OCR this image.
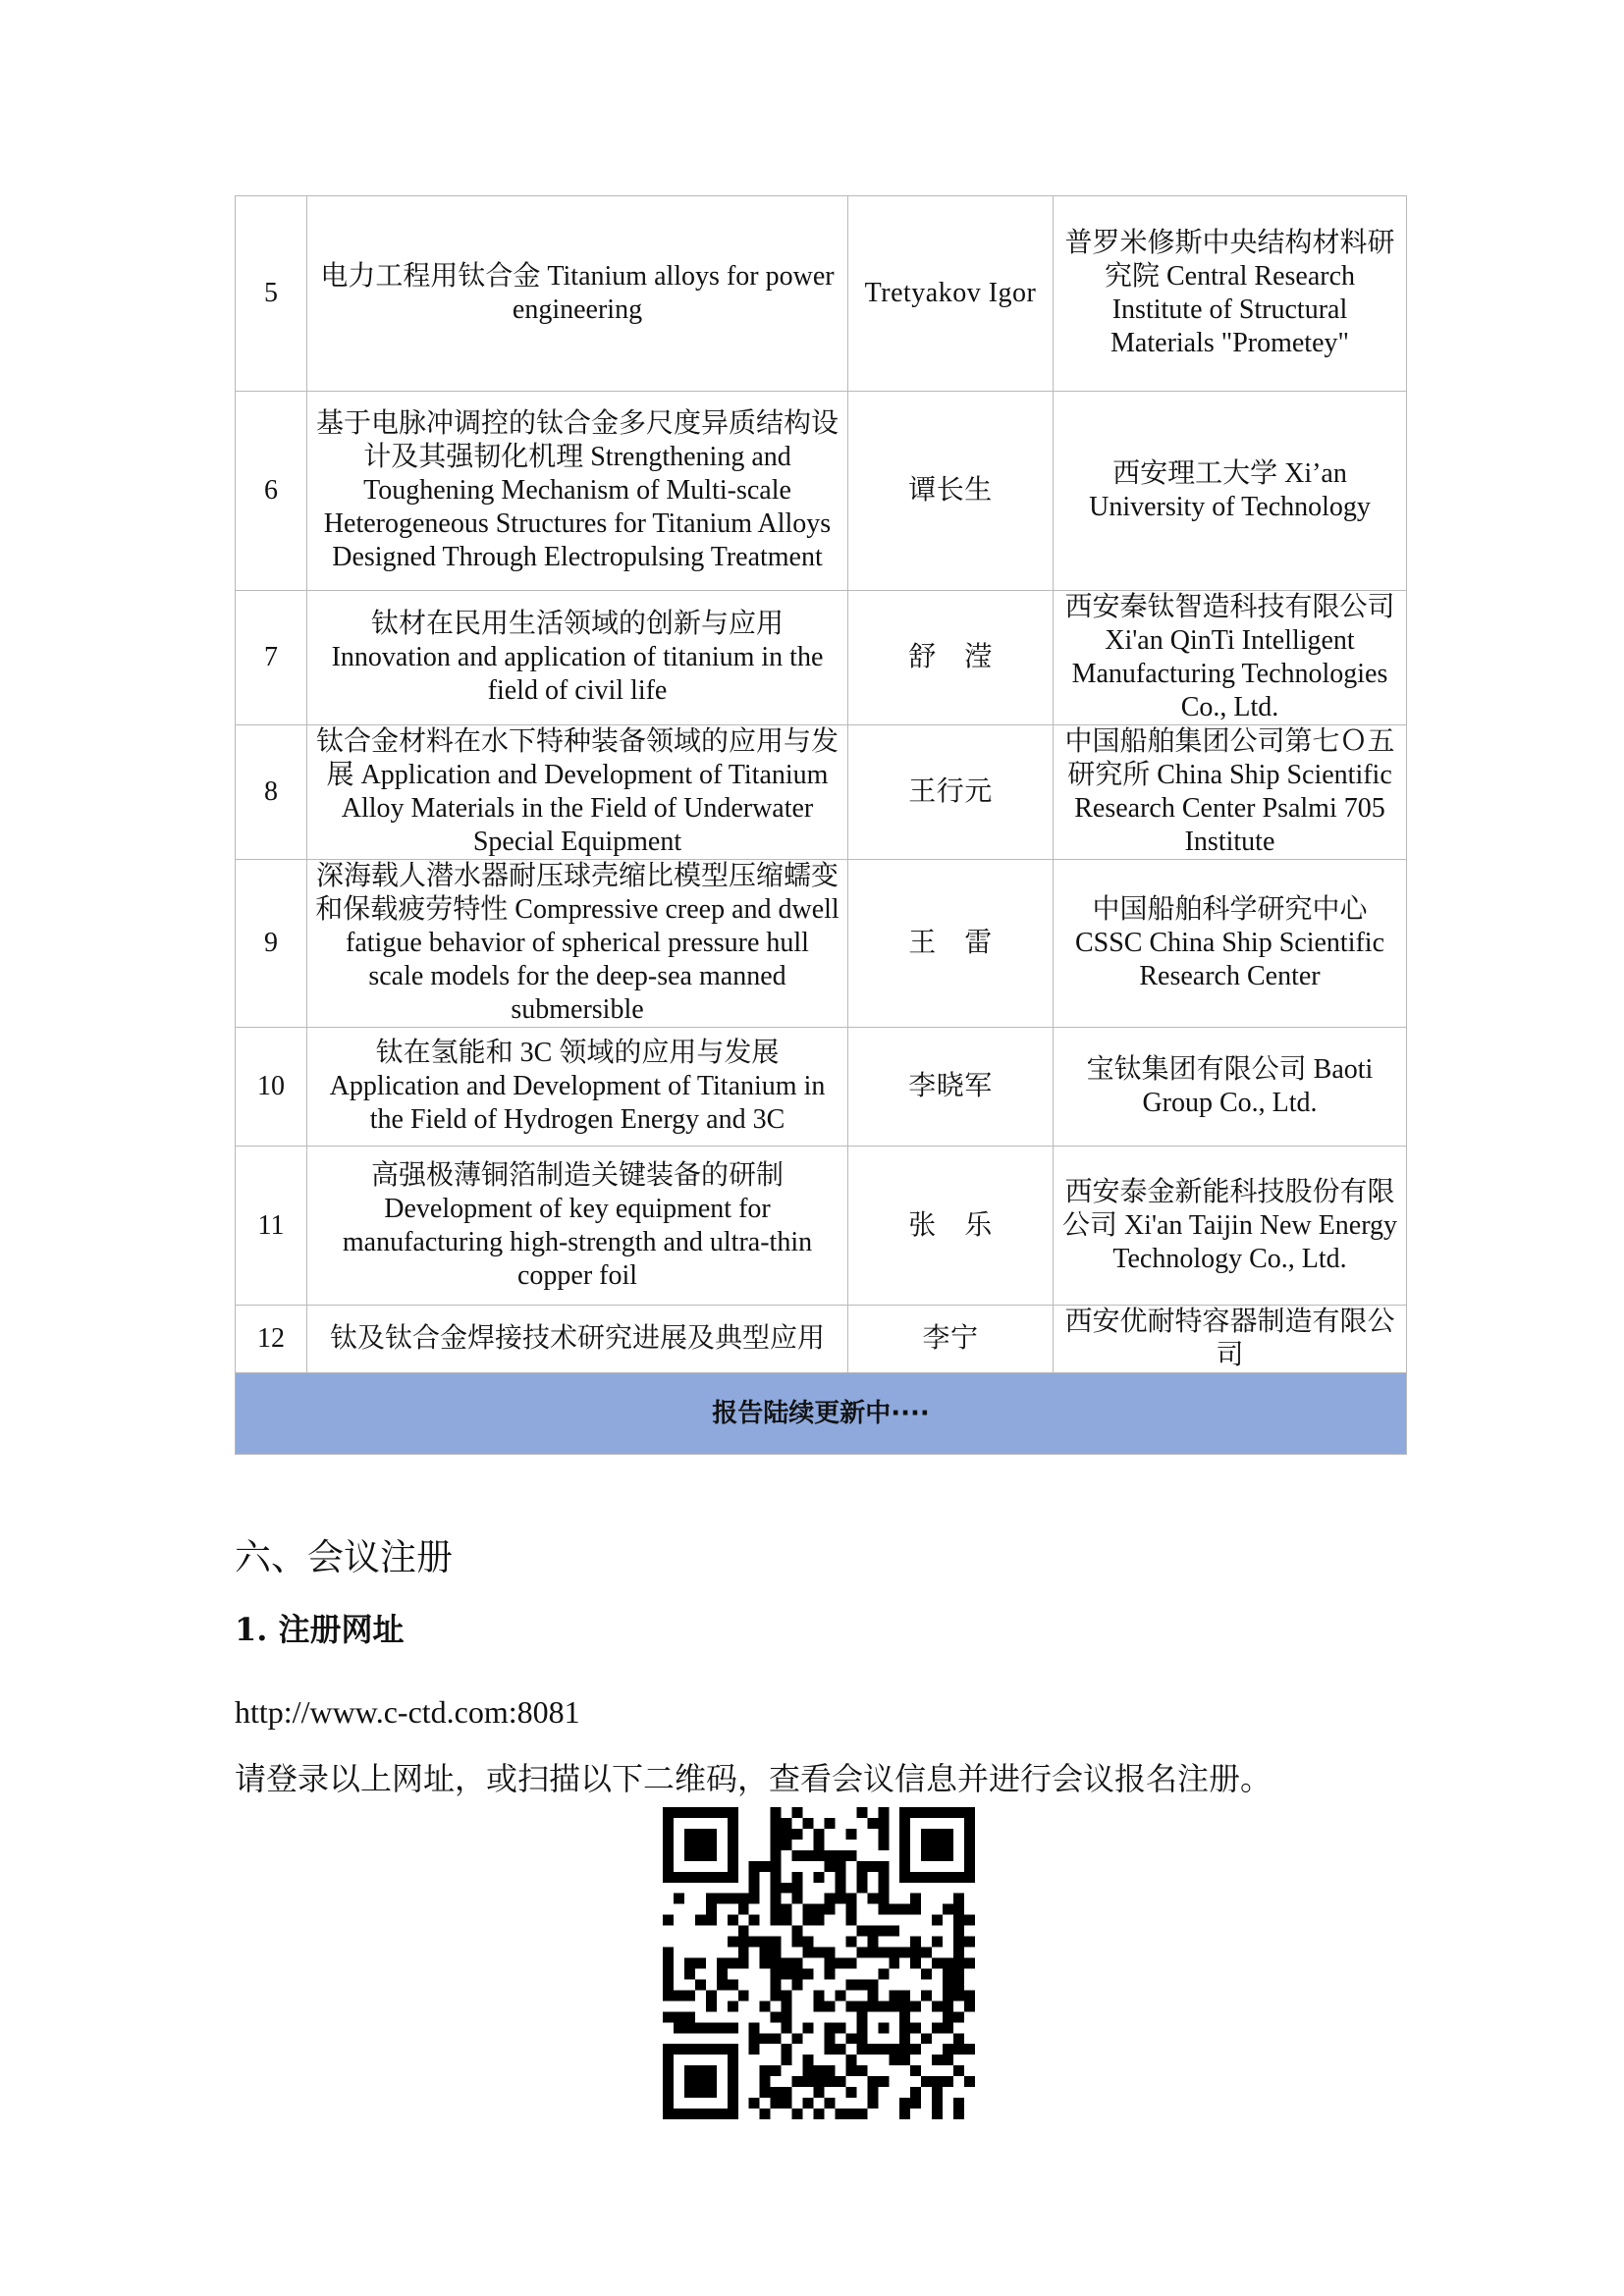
5	电力工程用钛合金 Titanium alloys for power engineering	Tretyakov Igor	普罗米修斯中央结构材料研究院 Central Research Institute of Structural Materials "Prometey"
6	基于电脉冲调控的钛合金多尺度异质结构设计及其强韧化机理 Strengthening and Toughening Mechanism of Multi-scale Heterogeneous Structures for Titanium Alloys Designed Through Electropulsing Treatment	谭长生	西安理工大学 Xi’an University of Technology
7	钛材在民用生活领域的创新与应用 Innovation and application of titanium in the field of civil life	舒　滢	西安秦钛智造科技有限公司 Xi'an QinTi Intelligent Manufacturing Technologies Co., Ltd.
8	钛合金材料在水下特种装备领域的应用与发展 Application and Development of Titanium Alloy Materials in the Field of Underwater Special Equipment	王行元	中国船舶集团公司第七Ｏ五研究所 China Ship Scientific Research Center Psalmi 705 Institute
9	深海载人潜水器耐压球壳缩比模型压缩蠕变和保载疲劳特性 Compressive creep and dwell fatigue behavior of spherical pressure hull scale models for the deep-sea manned submersible	王　雷	中国船舶科学研究中心 CSSC China Ship Scientific Research Center
10	钛在氢能和 3C 领域的应用与发展 Application and Development of Titanium in the Field of Hydrogen Energy and 3C	李晓军	宝钛集团有限公司 Baoti Group Co., Ltd.
11	高强极薄铜箔制造关键装备的研制 Development of key equipment for manufacturing high-strength and ultra-thin copper foil	张　乐	西安泰金新能科技股份有限公司 Xi'an Taijin New Energy Technology Co., Ltd.
12	钛及钛合金焊接技术研究进展及典型应用	李宁	西安优耐特容器制造有限公司
报告陆续更新中····			
六、会议注册
1. 注册网址
http://www.c-ctd.com:8081
请登录以上网址，或扫描以下二维码，查看会议信息并进行会议报名注册。
